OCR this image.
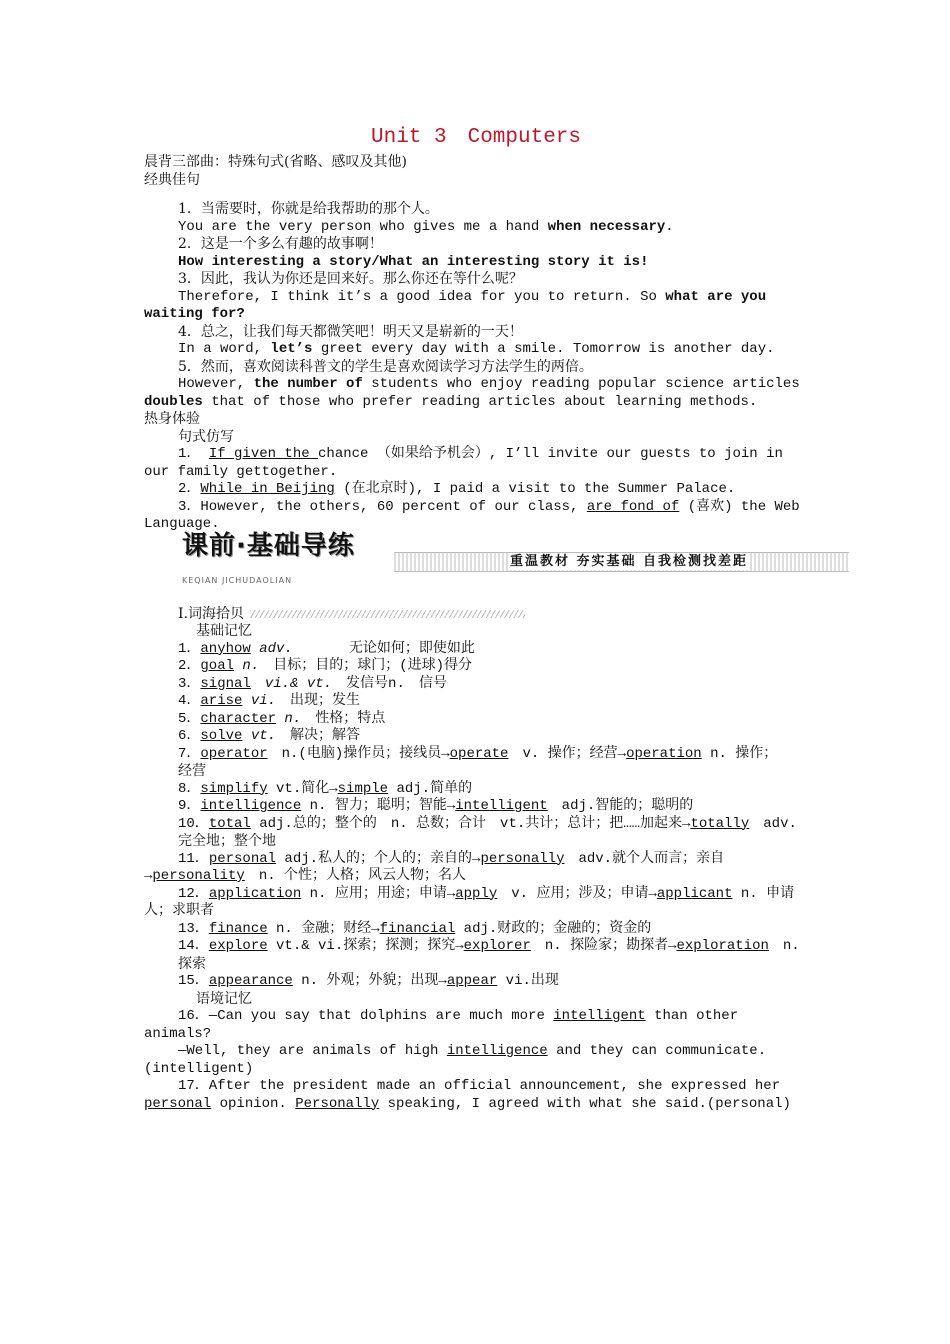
Unit 3　Computers

晨背三部曲：特殊句式(省略、感叹及其他)

经典佳句

1．当需要时，你就是给我帮助的那个人。

You are the very person who gives me a hand when necessary.

2．这是一个多么有趣的故事啊！

How interesting a story/What an interesting story it is!

3．因此，我认为你还是回来好。那么你还在等什么呢？

Therefore, I think it’s a good idea for you to return. So what are you waiting for?

4．总之，让我们每天都微笑吧！明天又是崭新的一天！

In a word, let’s greet every day with a smile. Tomorrow is another day.

5．然而，喜欢阅读科普文的学生是喜欢阅读学习方法学生的两倍。

However, the number of students who enjoy reading popular science articles doubles that of those who prefer reading articles about learning methods.

热身体验

句式仿写

1． If given the chance （如果给予机会）, I’ll invite our guests to join in our family gettogether.

2．While in Beijing (在北京时), I paid a visit to the Summer Palace.

3．However, the others, 60 percent of our class, are fond of (喜欢) the Web Language.

课前·基础导练
KEQIAN JICHUDAOLIAN
重温教材 夯实基础 自我检测找差距

Ⅰ.词海拾贝

基础记忆

1．anyhow adv.　　　　无论如何；即使如此

2．goal n.　目标；目的；球门；(进球)得分

3．signal　vi.& vt.　发信号n.　信号

4．arise vi.　出现；发生

5．character n.　性格；特点

6．solve vt.　解决；解答

7．operator　n.(电脑)操作员；接线员→operate　v. 操作；经营→operation n. 操作；

经营

8．simplify vt.简化→simple adj.简单的

9．intelligence n. 智力；聪明；智能→intelligent　adj.智能的；聪明的

10．total adj.总的；整个的　n. 总数；合计　vt.共计；总计；把……加起来→totally　adv.

完全地；整个地

11．personal adj.私人的；个人的；亲自的→personally　adv.就个人而言；亲自→personality　n. 个性；人格；风云人物；名人

12．application n. 应用；用途；申请→apply　v. 应用；涉及；申请→applicant n. 申请人；求职者

13．finance n. 金融；财经→financial adj.财政的；金融的；资金的

14．explore vt.& vi.探索；探测；探究→explorer　n. 探险家；勘探者→exploration　n.

探索

15．appearance n. 外观；外貌；出现→appear vi.出现

语境记忆

16．—Can you say that dolphins are much more intelligent than other animals?

—Well, they are animals of high intelligence and they can communicate. (intelligent)

17．After the president made an official announcement, she expressed her personal opinion. Personally speaking, I agreed with what she said.(personal)
